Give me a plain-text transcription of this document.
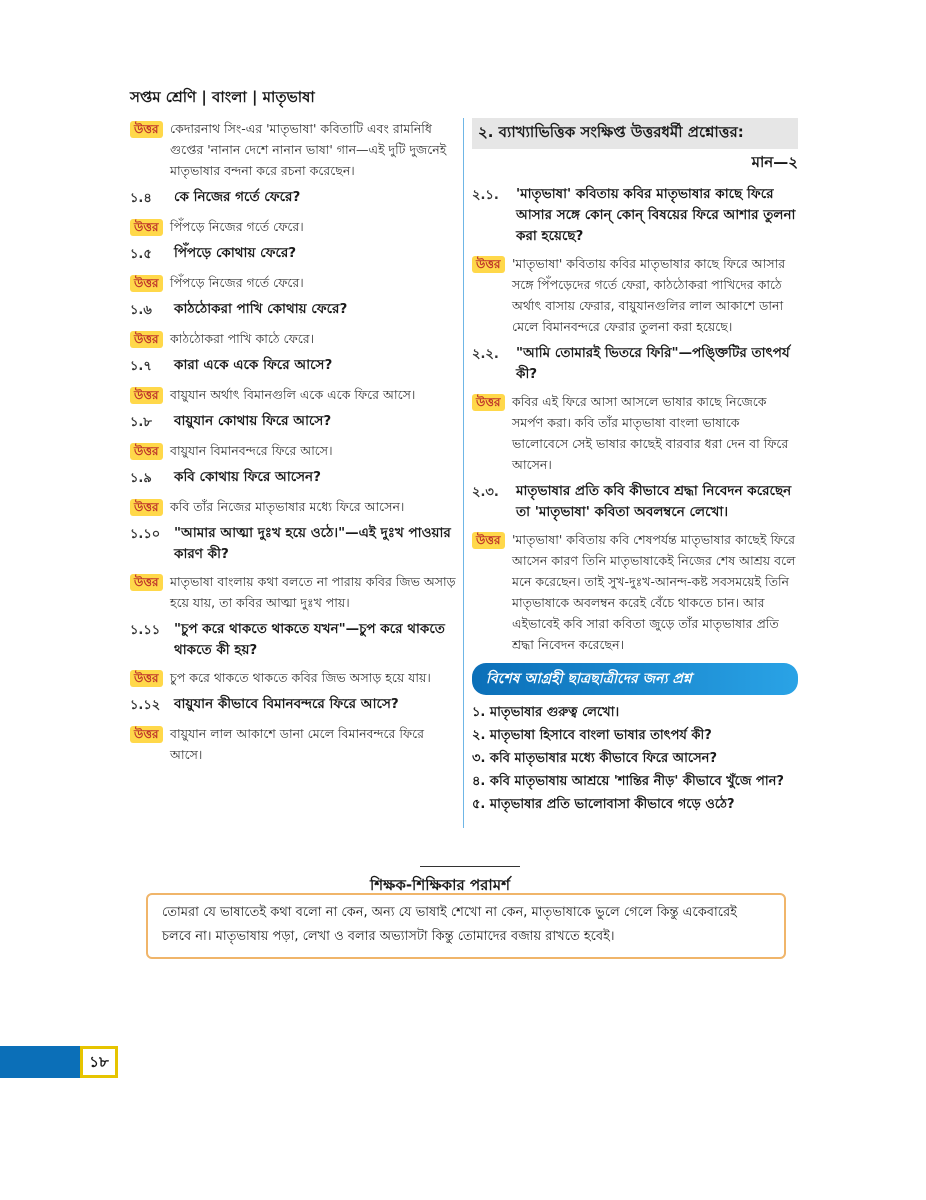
সপ্তম শ্রেণি | বাংলা | মাতৃভাষা
উত্তর কেদারনাথ সিং-এর 'মাতৃভাষা' কবিতাটি এবং রামনিধি গুপ্তের 'নানান দেশে নানান ভাষা' গান—এই দুটি দুজনেই মাতৃভাষার বন্দনা করে রচনা করেছেন।
১.৪	কে নিজের গর্তে ফেরে?
উত্তর পিঁপড়ে নিজের গর্তে ফেরে।
১.৫	পিঁপড়ে কোথায় ফেরে?
উত্তর পিঁপড়ে নিজের গর্তে ফেরে।
১.৬	কাঠঠোকরা পাখি কোথায় ফেরে?
উত্তর কাঠঠোকরা পাখি কাঠে ফেরে।
১.৭	কারা একে একে ফিরে আসে?
উত্তর বায়ুযান অর্থাৎ বিমানগুলি একে একে ফিরে আসে।
১.৮	বায়ুযান কোথায় ফিরে আসে?
উত্তর বায়ুযান বিমানবন্দরে ফিরে আসে।
১.৯	কবি কোথায় ফিরে আসেন?
উত্তর কবি তাঁর নিজের মাতৃভাষার মধ্যে ফিরে আসেন।
১.১০	"আমার আত্মা দুঃখ হয়ে ওঠে।"—এই দুঃখ পাওয়ার কারণ কী?
উত্তর মাতৃভাষা বাংলায় কথা বলতে না পারায় কবির জিভ অসাড় হয়ে যায়, তা কবির আত্মা দুঃখ পায়।
১.১১	"চুপ করে থাকতে থাকতে যখন"—চুপ করে থাকতে থাকতে কী হয়?
উত্তর চুপ করে থাকতে থাকতে কবির জিভ অসাড় হয়ে যায়।
১.১২	বায়ুযান কীভাবে বিমানবন্দরে ফিরে আসে?
উত্তর বায়ুযান লাল আকাশে ডানা মেলে বিমানবন্দরে ফিরে আসে।
২. ব্যাখ্যাভিত্তিক সংক্ষিপ্ত উত্তরধর্মী প্রশ্নোত্তর:
মান—২
২.১.	'মাতৃভাষা' কবিতায় কবির মাতৃভাষার কাছে ফিরে আসার সঙ্গে কোন্ কোন্ বিষয়ের ফিরে আশার তুলনা করা হয়েছে?
উত্তর 'মাতৃভাষা' কবিতায় কবির মাতৃভাষার কাছে ফিরে আসার সঙ্গে পিঁপড়েদের গর্তে ফেরা, কাঠঠোকরা পাখিদের কাঠে অর্থাৎ বাসায় ফেরার, বায়ুযানগুলির লাল আকাশে ডানা মেলে বিমানবন্দরে ফেরার তুলনা করা হয়েছে।
২.২.	"আমি তোমারই ভিতরে ফিরি"—পঙ্ক্তিটির তাৎপর্য কী?
উত্তর কবির এই ফিরে আসা আসলে ভাষার কাছে নিজেকে সমর্পণ করা। কবি তাঁর মাতৃভাষা বাংলা ভাষাকে ভালোবেসে সেই ভাষার কাছেই বারবার ধরা দেন বা ফিরে আসেন।
২.৩.	মাতৃভাষার প্রতি কবি কীভাবে শ্রদ্ধা নিবেদন করেছেন তা 'মাতৃভাষা' কবিতা অবলম্বনে লেখো।
উত্তর 'মাতৃভাষা' কবিতায় কবি শেষপর্যন্ত মাতৃভাষার কাছেই ফিরে আসেন কারণ তিনি মাতৃভাষাকেই নিজের শেষ আশ্রয় বলে মনে করেছেন। তাই সুখ-দুঃখ-আনন্দ-কষ্ট সবসময়েই তিনি মাতৃভাষাকে অবলম্বন করেই বেঁচে থাকতে চান। আর এইভাবেই কবি সারা কবিতা জুড়ে তাঁর মাতৃভাষার প্রতি শ্রদ্ধা নিবেদন করেছেন।
বিশেষ আগ্রহী ছাত্রছাত্রীদের জন্য প্রশ্ন
১. মাতৃভাষার গুরুত্ব লেখো।
২. মাতৃভাষা হিসাবে বাংলা ভাষার তাৎপর্য কী?
৩. কবি মাতৃভাষার মধ্যে কীভাবে ফিরে আসেন?
৪. কবি মাতৃভাষায় আশ্রয়ে 'শান্তির নীড়' কীভাবে খুঁজে পান?
৫. মাতৃভাষার প্রতি ভালোবাসা কীভাবে গড়ে ওঠে?
শিক্ষক-শিক্ষিকার পরামর্শ
তোমরা যে ভাষাতেই কথা বলো না কেন, অন্য যে ভাষাই শেখো না কেন, মাতৃভাষাকে ভুলে গেলে কিন্তু একেবারেই চলবে না। মাতৃভাষায় পড়া, লেখা ও বলার অভ্যাসটা কিন্তু তোমাদের বজায় রাখতে হবেই।
১৮
